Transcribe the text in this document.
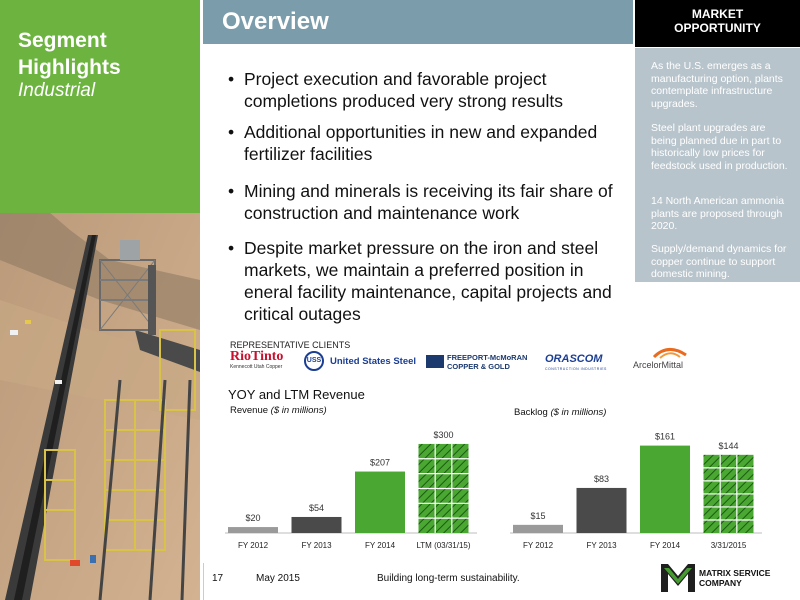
Segment Highlights
Industrial
Overview	MARKET
OPPORTUNITY

As the U.S. emerges as a manufacturing option, plants contemplate infrastructure upgrades.

Steel plant upgrades are being planned due in part to historically low prices for feedstock used in production.

14 North American ammonia plants are proposed through 2020.

Supply/demand dynamics for copper continue to support domestic mining.

• Project execution and favorable project completions produced very strong results
• Additional opportunities in new and expanded fertilizer facilities
• Mining and minerals is receiving its fair share of construction and maintenance work
• Despite market pressure on the iron and steel markets, we maintain a preferred position in eneral facility maintenance, capital projects and critical outages
REPRESENTATIVE CLIENTS
RioTinto
Kennecott Utah Copper
USS United States Steel	FREEPORT-McMoRAN
COPPER & GOLD
ORASCOM
CONSTRUCTION INDUSTRIES	ArcelorMittal
YOY and LTM Revenue
Revenue ($ in millions)	Backlog ($ in millions)
$20
FY 2012
$54
FY 2013
$207
FY 2014
$300
LTM (03/31/15)
$15
FY 2012
$83
FY 2013
$161
FY 2014
$144
3/31/2015
17	May 2015	Building long-term sustainability.	MATRIX SERVICE
COMPANY
